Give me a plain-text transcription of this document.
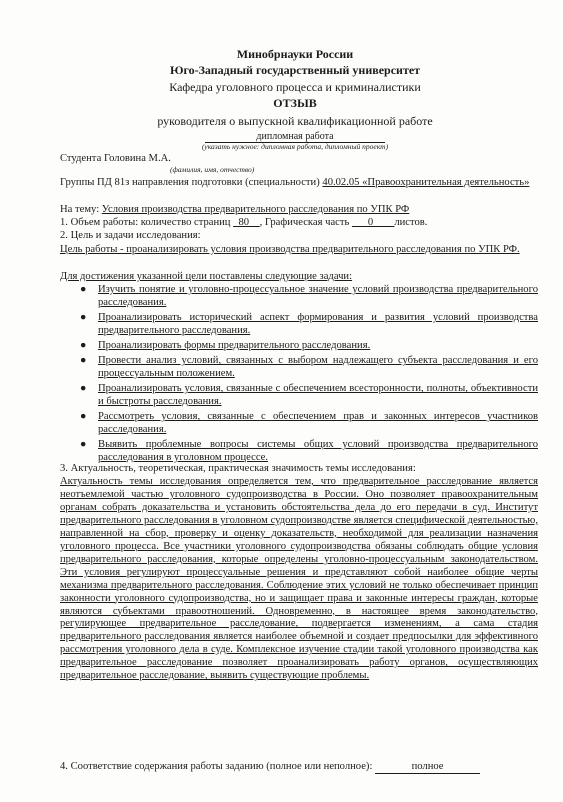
Минобрнауки России
Юго-Западный государственный университет
Кафедра уголовного процесса и криминалистики
ОТЗЫВ
руководителя о выпускной квалификационной работе
дипломная работа
(указать нужное: дипломная работа, дипломный проект)
Студента Головина М.А.
(фамилия, имя, отчество)
Группы ПД 81з направления подготовки (специальности) 40.02.05 «Правоохранительная деятельность»
На тему: Условия производства предварительного расследования по УПК РФ
1. Объем работы: количество страниц _80__, Графическая часть ___0____листов.
2. Цель и задачи исследования:
Цель работы - проанализировать условия производства предварительного расследования по УПК РФ.
Для достижения указанной цели поставлены следующие задачи:
● Изучить понятие и уголовно-процессуальное значение условий производства предварительного расследования.
● Проанализировать исторический аспект формирования и развития условий производства предварительного расследования.
● Проанализировать формы предварительного расследования.
● Провести анализ условий, связанных с выбором надлежащего субъекта расследования и его процессуальным положением.
● Проанализировать условия, связанные с обеспечением всесторонности, полноты, объективности и быстроты расследования.
● Рассмотреть условия, связанные с обеспечением прав и законных интересов участников расследования.
● Выявить проблемные вопросы системы общих условий производства предварительного расследования в уголовном процессе.
3. Актуальность, теоретическая, практическая значимость темы исследования:
Актуальность темы исследования определяется тем, что предварительное расследование является неотъемлемой частью уголовного судопроизводства в России. Оно позволяет правоохранительным органам собрать доказательства и установить обстоятельства дела до его передачи в суд. Институт предварительного расследования в уголовном судопроизводстве является специфической деятельностью, направленной на сбор, проверку и оценку доказательств, необходимой для реализации назначения уголовного процесса. Все участники уголовного судопроизводства обязаны соблюдать общие условия предварительного расследования, которые определены уголовно-процессуальным законодательством. Эти условия регулируют процессуальные решения и представляют собой наиболее общие черты механизма предварительного расследования. Соблюдение этих условий не только обеспечивает принцип законности уголовного судопроизводства, но и защищает права и законные интересы граждан, которые являются субъектами правоотношений. Одновременно, в настоящее время законодательство, регулирующее предварительное расследование, подвергается изменениям, а сама стадия предварительного расследования является наиболее объемной и создает предпосылки для эффективного рассмотрения уголовного дела в суде. Комплексное изучение стадии такой уголовного производства как предварительное расследование позволяет проанализировать работу органов, осуществляющих предварительное расследование, выявить существующие проблемы.
4. Соответствие содержания работы заданию (полное или неполное):	полное
